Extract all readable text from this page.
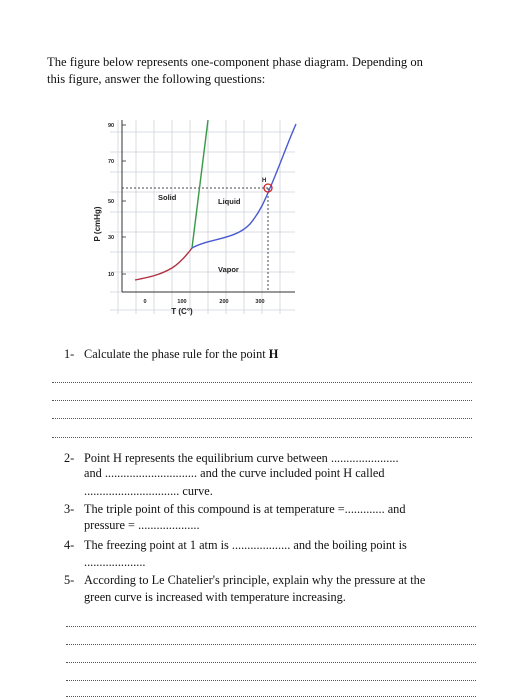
The figure below represents one-component phase diagram. Depending on
this figure, answer the following questions:
90
70
50
30
10
P (cmHg)
0	100	200	300
T (C°)
H
Solid	Liquid
Vapor
1- Calculate the phase rule for the point H
2- Point H represents the equilibrium curve between ......................
and .............................. and the curve included point H called
............................... curve.
3- The triple point of this compound is at temperature =............. and
pressure = ....................
4- The freezing point at 1 atm is ................... and the boiling point is
....................
5- According to Le Chatelier's principle, explain why the pressure at the
green curve is increased with temperature increasing.
